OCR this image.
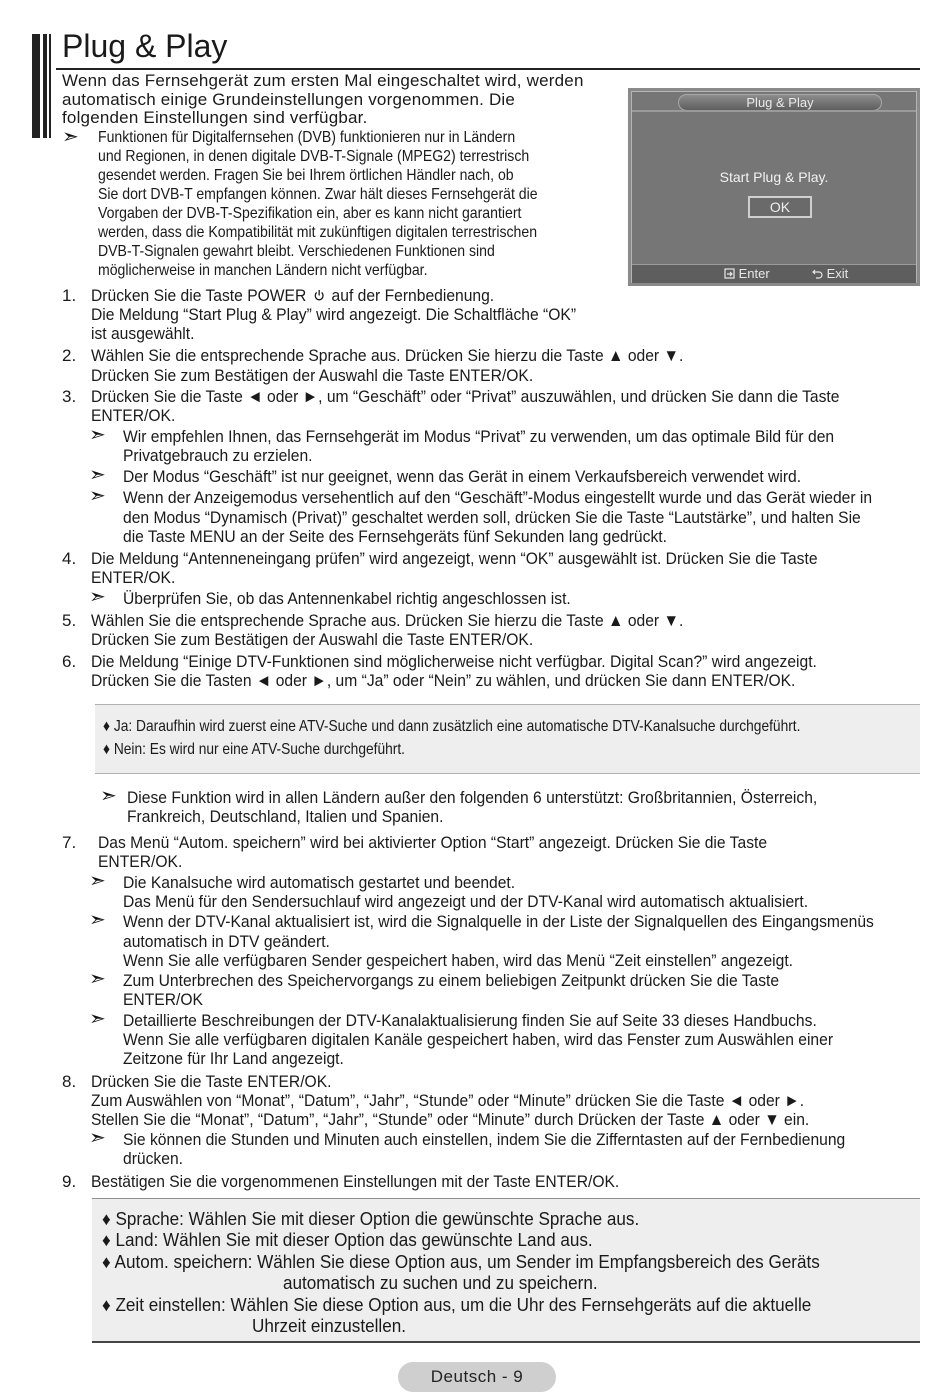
Plug & Play
Wenn das Fernsehgerät zum ersten Mal eingeschaltet wird, werden
automatisch einige Grundeinstellungen vorgenommen. Die
folgenden Einstellungen sind verfügbar.
➣ Funktionen für Digitalfernsehen (DVB) funktionieren nur in Ländern
und Regionen, in denen digitale DVB-T-Signale (MPEG2) terrestrisch
gesendet werden. Fragen Sie bei Ihrem örtlichen Händler nach, ob
Sie dort DVB-T empfangen können. Zwar hält dieses Fernsehgerät die
Vorgaben der DVB-T-Spezifikation ein, aber es kann nicht garantiert
werden, dass die Kompatibilität mit zukünftigen digitalen terrestrischen
DVB-T-Signalen gewahrt bleibt. Verschiedenen Funktionen sind
möglicherweise in manchen Ländern nicht verfügbar.
Plug & Play
Start Plug & Play.
OK
Enter	Exit
1. Drücken Sie die Taste POWER auf der Fernbedienung.
Die Meldung “Start Plug & Play” wird angezeigt. Die Schaltfläche “OK”
ist ausgewählt.
2. Wählen Sie die entsprechende Sprache aus. Drücken Sie hierzu die Taste ▲ oder ▼.
Drücken Sie zum Bestätigen der Auswahl die Taste ENTER/OK.
3. Drücken Sie die Taste ◄ oder ►, um “Geschäft” oder “Privat” auszuwählen, und drücken Sie dann die Taste
ENTER/OK.
➣ Wir empfehlen Ihnen, das Fernsehgerät im Modus “Privat” zu verwenden, um das optimale Bild für den
Privatgebrauch zu erzielen.
➣ Der Modus “Geschäft” ist nur geeignet, wenn das Gerät in einem Verkaufsbereich verwendet wird.
➣ Wenn der Anzeigemodus versehentlich auf den “Geschäft”-Modus eingestellt wurde und das Gerät wieder in
den Modus “Dynamisch (Privat)” geschaltet werden soll, drücken Sie die Taste “Lautstärke”, und halten Sie
die Taste MENU an der Seite des Fernsehgeräts fünf Sekunden lang gedrückt.
4. Die Meldung “Antenneneingang prüfen” wird angezeigt, wenn “OK” ausgewählt ist. Drücken Sie die Taste
ENTER/OK.
➣ Überprüfen Sie, ob das Antennenkabel richtig angeschlossen ist.
5. Wählen Sie die entsprechende Sprache aus. Drücken Sie hierzu die Taste ▲ oder ▼.
Drücken Sie zum Bestätigen der Auswahl die Taste ENTER/OK.
6. Die Meldung “Einige DTV-Funktionen sind möglicherweise nicht verfügbar. Digital Scan?” wird angezeigt.
Drücken Sie die Tasten ◄ oder ►, um “Ja” oder “Nein” zu wählen, und drücken Sie dann ENTER/OK.
♦ Ja: Daraufhin wird zuerst eine ATV-Suche und dann zusätzlich eine automatische DTV-Kanalsuche durchgeführt.
♦ Nein: Es wird nur eine ATV-Suche durchgeführt.
➣ Diese Funktion wird in allen Ländern außer den folgenden 6 unterstützt: Großbritannien, Österreich,
Frankreich, Deutschland, Italien und Spanien.
7. Das Menü “Autom. speichern” wird bei aktivierter Option “Start” angezeigt. Drücken Sie die Taste
ENTER/OK.
➣ Die Kanalsuche wird automatisch gestartet und beendet.
Das Menü für den Sendersuchlauf wird angezeigt und der DTV-Kanal wird automatisch aktualisiert.
➣ Wenn der DTV-Kanal aktualisiert ist, wird die Signalquelle in der Liste der Signalquellen des Eingangsmenüs
automatisch in DTV geändert.
Wenn Sie alle verfügbaren Sender gespeichert haben, wird das Menü “Zeit einstellen” angezeigt.
➣ Zum Unterbrechen des Speichervorgangs zu einem beliebigen Zeitpunkt drücken Sie die Taste
ENTER/OK
➣ Detaillierte Beschreibungen der DTV-Kanalaktualisierung finden Sie auf Seite 33 dieses Handbuchs.
Wenn Sie alle verfügbaren digitalen Kanäle gespeichert haben, wird das Fenster zum Auswählen einer
Zeitzone für Ihr Land angezeigt.
8. Drücken Sie die Taste ENTER/OK.
Zum Auswählen von “Monat”, “Datum”, “Jahr”, “Stunde” oder “Minute” drücken Sie die Taste ◄ oder ►.
Stellen Sie die “Monat”, “Datum”, “Jahr”, “Stunde” oder “Minute” durch Drücken der Taste ▲ oder ▼ ein.
➣ Sie können die Stunden und Minuten auch einstellen, indem Sie die Zifferntasten auf der Fernbedienung
drücken.
9. Bestätigen Sie die vorgenommenen Einstellungen mit der Taste ENTER/OK.
♦ Sprache: Wählen Sie mit dieser Option die gewünschte Sprache aus.
♦ Land: Wählen Sie mit dieser Option das gewünschte Land aus.
♦ Autom. speichern: Wählen Sie diese Option aus, um Sender im Empfangsbereich des Geräts
automatisch zu suchen und zu speichern.
♦ Zeit einstellen: Wählen Sie diese Option aus, um die Uhr des Fernsehgeräts auf die aktuelle
Uhrzeit einzustellen.
Deutsch - 9
